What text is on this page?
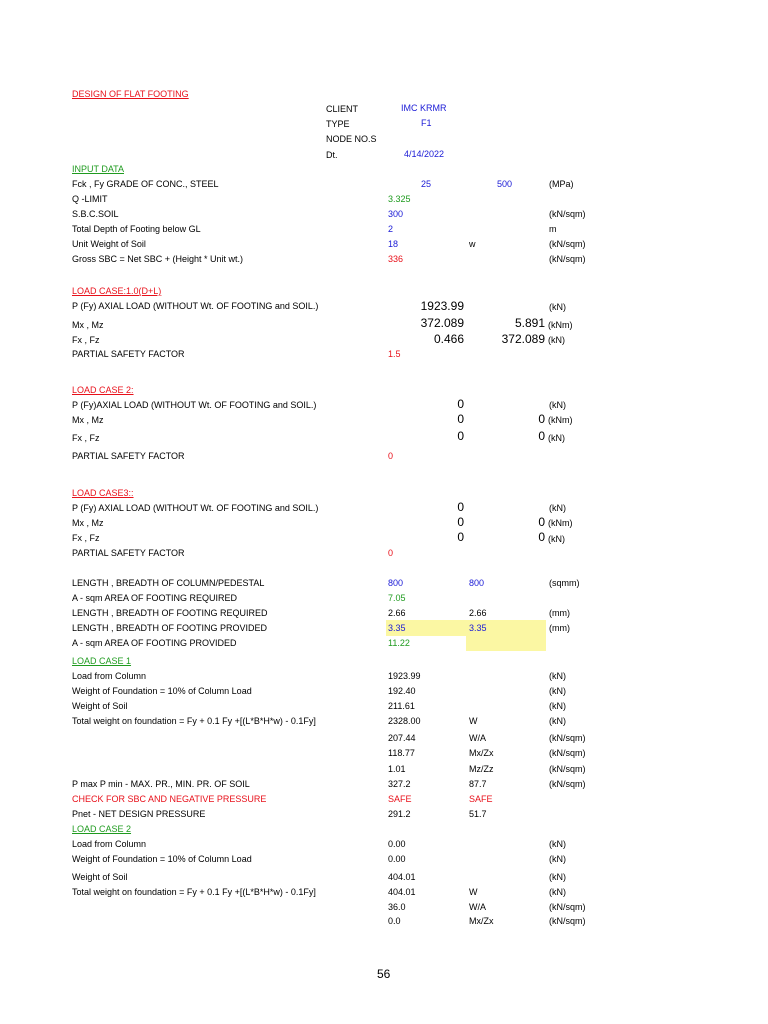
DESIGN OF FLAT FOOTING
CLIENT	IMC KRMR
TYPE	F1
NODE NO.S
Dt.	4/14/2022
INPUT DATA
Fck , Fy GRADE OF CONC., STEEL	25	500	(MPa)
Q -LIMIT	3.325
S.B.C.SOIL	300	(kN/sqm)
Total Depth of Footing below GL	2	m
Unit Weight of Soil	18	w	(kN/sqm)
Gross SBC = Net SBC + (Height * Unit wt.)	336	(kN/sqm)
LOAD CASE:1.0(D+L)
P (Fy) AXIAL LOAD (WITHOUT Wt. OF FOOTING and SOIL.)	1923.99	(kN)
Mx , Mz	372.089	5.891 (kNm)
Fx , Fz	0.466	372.089 (kN)
PARTIAL SAFETY FACTOR	1.5
LOAD CASE 2:
P (Fy)AXIAL LOAD (WITHOUT Wt. OF FOOTING and SOIL.)	0	(kN)
Mx , Mz	0	0 (kNm)
Fx , Fz	0	0 (kN)
PARTIAL SAFETY FACTOR	0
LOAD CASE3::
P (Fy) AXIAL LOAD (WITHOUT Wt. OF FOOTING and SOIL.)	0	(kN)
Mx , Mz	0	0 (kNm)
Fx , Fz	0	0 (kN)
PARTIAL SAFETY FACTOR	0
LENGTH , BREADTH OF COLUMN/PEDESTAL	800	800	(sqmm)
A - sqm AREA OF FOOTING REQUIRED	7.05
LENGTH , BREADTH OF FOOTING REQUIRED	2.66	2.66	(mm)
LENGTH , BREADTH OF FOOTING PROVIDED	3.35	3.35	(mm)
A - sqm AREA OF FOOTING PROVIDED	11.22
LOAD CASE 1
Load from Column	1923.99	(kN)
Weight of Foundation = 10% of Column Load	192.40	(kN)
Weight of Soil	211.61	(kN)
Total weight on foundation = Fy + 0.1 Fy +[(L*B*H*w) - 0.1Fy]	2328.00	W	(kN)
207.44	W/A	(kN/sqm)
118.77	Mx/Zx	(kN/sqm)
1.01	Mz/Zz	(kN/sqm)
P max P min - MAX. PR., MIN. PR. OF SOIL	327.2	87.7	(kN/sqm)
CHECK FOR SBC AND NEGATIVE PRESSURE	SAFE	SAFE
Pnet - NET DESIGN PRESSURE	291.2	51.7
LOAD CASE 2
Load from Column	0.00	(kN)
Weight of Foundation = 10% of Column Load	0.00	(kN)
Weight of Soil	404.01	(kN)
Total weight on foundation = Fy + 0.1 Fy +[(L*B*H*w) - 0.1Fy]	404.01	W	(kN)
36.0	W/A	(kN/sqm)
0.0	Mx/Zx	(kN/sqm)
56
